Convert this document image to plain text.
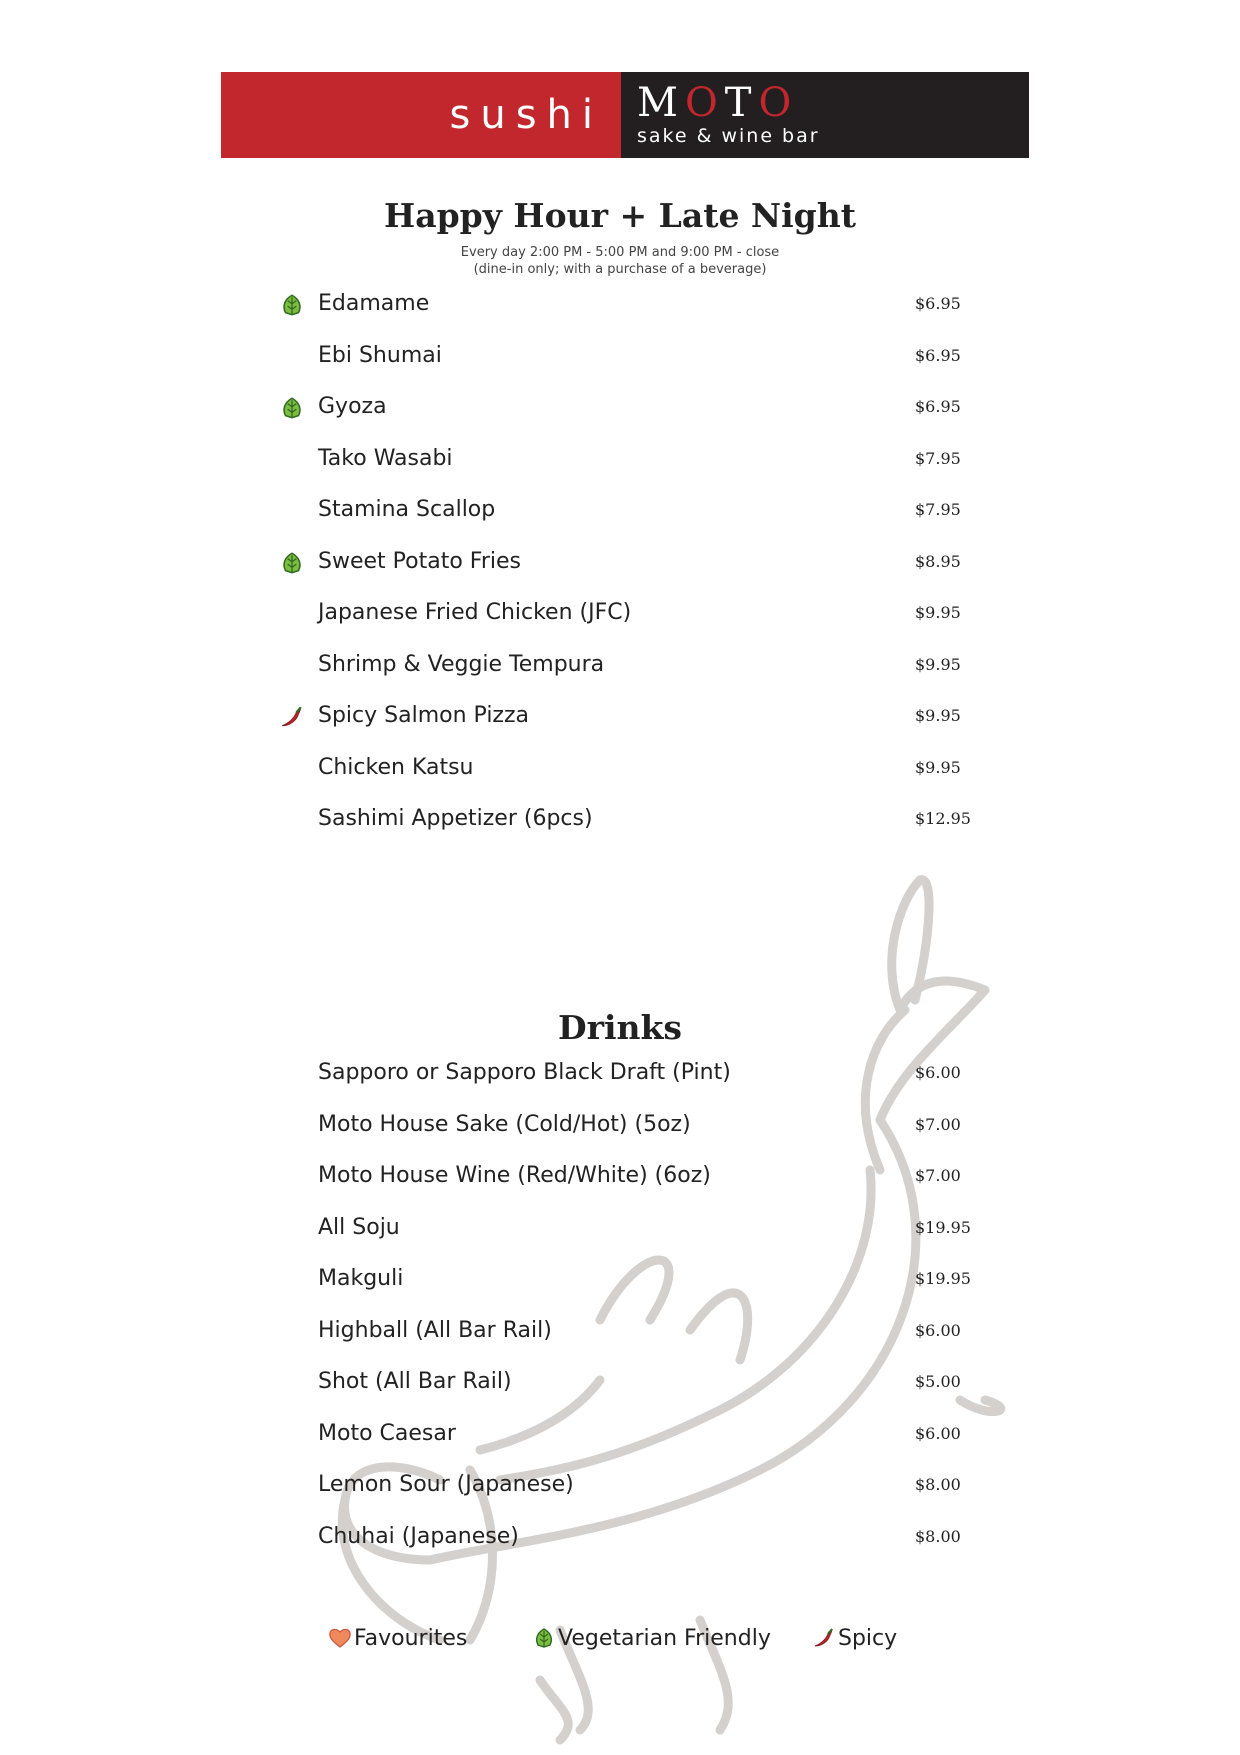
sushi MOTO
sake & wine bar
Happy Hour + Late Night
Every day 2:00 PM - 5:00 PM and 9:00 PM - close
(dine-in only; with a purchase of a beverage)
Edamame	$6.95
Ebi Shumai	$6.95
Gyoza	$6.95
Tako Wasabi	$7.95
Stamina Scallop	$7.95
Sweet Potato Fries	$8.95
Japanese Fried Chicken (JFC)	$9.95
Shrimp & Veggie Tempura	$9.95
Spicy Salmon Pizza	$9.95
Chicken Katsu	$9.95
Sashimi Appetizer (6pcs)	$12.95
Drinks
Sapporo or Sapporo Black Draft (Pint)	$6.00
Moto House Sake (Cold/Hot) (5oz)	$7.00
Moto House Wine (Red/White) (6oz)	$7.00
All Soju	$19.95
Makguli	$19.95
Highball (All Bar Rail)	$6.00
Shot (All Bar Rail)	$5.00
Moto Caesar	$6.00
Lemon Sour (Japanese)	$8.00
Chuhai (Japanese)	$8.00
Favourites	Vegetarian Friendly	Spicy
